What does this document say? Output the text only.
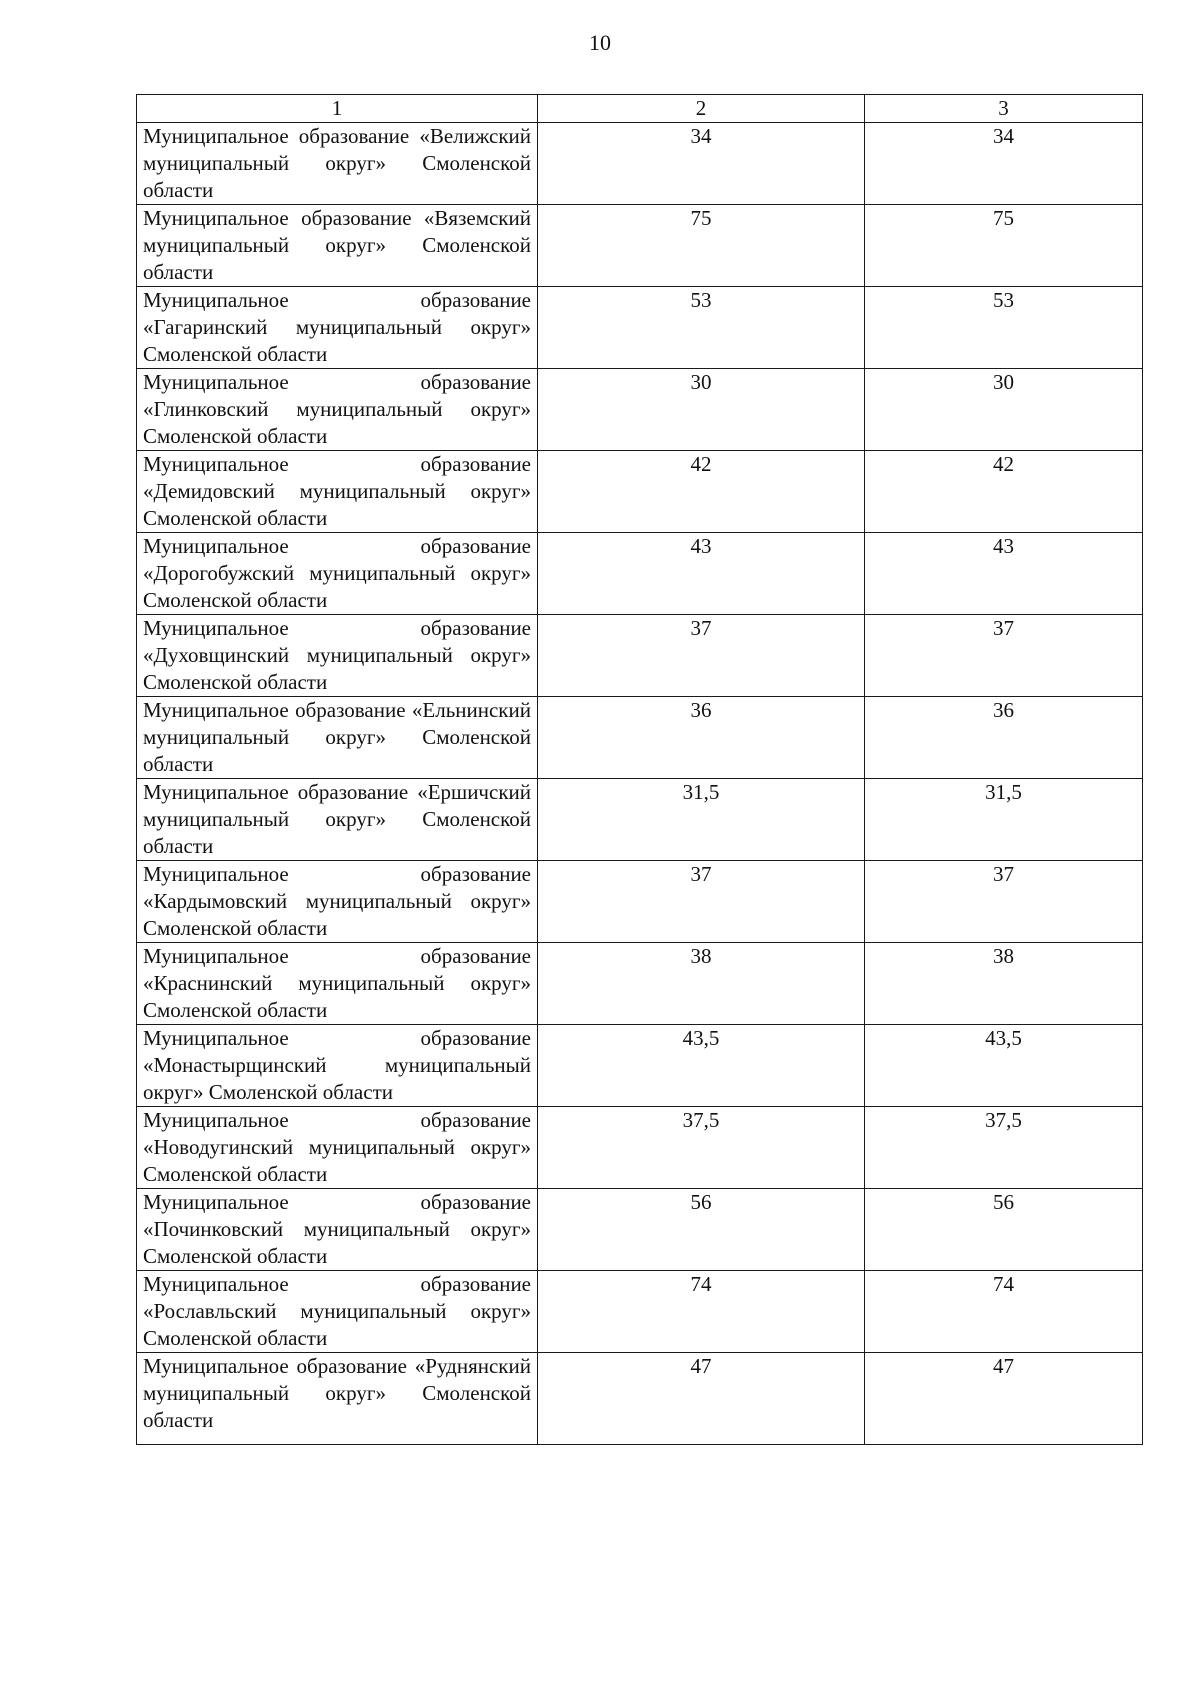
10
1	2	3
Муниципальное образование «Велижский муниципальный округ» Смоленской области	34	34
Муниципальное образование «Вяземский муниципальный округ» Смоленской области	75	75
Муниципальное образование «Гагаринский муниципальный округ» Смоленской области	53	53
Муниципальное образование «Глинковский муниципальный округ» Смоленской области	30	30
Муниципальное образование «Демидовский муниципальный округ» Смоленской области	42	42
Муниципальное образование «Дорогобужский муниципальный округ» Смоленской области	43	43
Муниципальное образование «Духовщинский муниципальный округ» Смоленской области	37	37
Муниципальное образование «Ельнинский муниципальный округ» Смоленской области	36	36
Муниципальное образование «Ершичский муниципальный округ» Смоленской области	31,5	31,5
Муниципальное образование «Кардымовский муниципальный округ» Смоленской области	37	37
Муниципальное образование «Краснинский муниципальный округ» Смоленской области	38	38
Муниципальное образование «Монастырщинский муниципальный округ» Смоленской области	43,5	43,5
Муниципальное образование «Новодугинский муниципальный округ» Смоленской области	37,5	37,5
Муниципальное образование «Починковский муниципальный округ» Смоленской области	56	56
Муниципальное образование «Рославльский муниципальный округ» Смоленской области	74	74
Муниципальное образование «Руднянский муниципальный округ» Смоленской области	47	47
